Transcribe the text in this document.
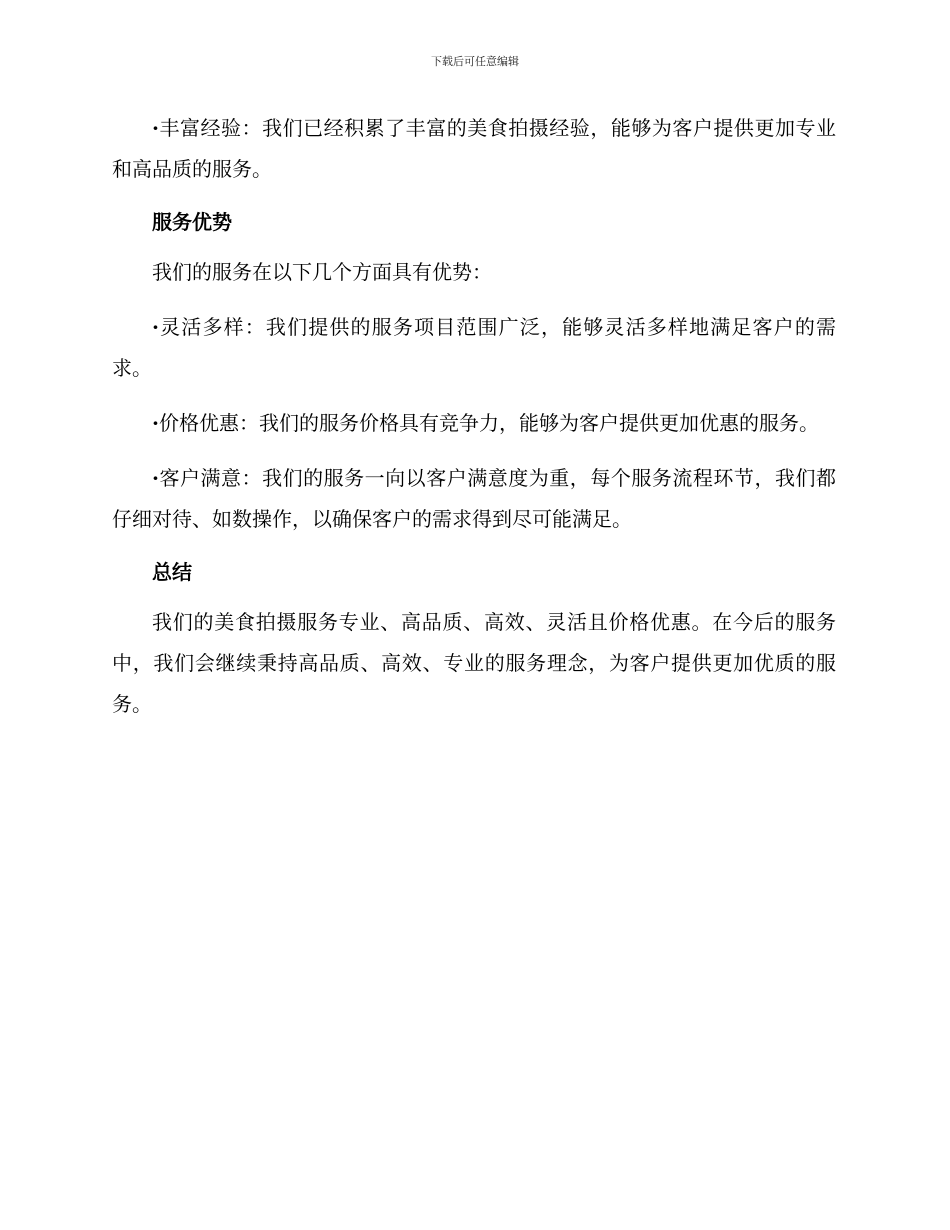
下载后可任意编辑

·丰富经验：我们已经积累了丰富的美食拍摄经验，能够为客户提供更加专业和高品质的服务。

服务优势

我们的服务在以下几个方面具有优势：

·灵活多样：我们提供的服务项目范围广泛，能够灵活多样地满足客户的需求。

·价格优惠：我们的服务价格具有竞争力，能够为客户提供更加优惠的服务。

·客户满意：我们的服务一向以客户满意度为重，每个服务流程环节，我们都仔细对待、如数操作，以确保客户的需求得到尽可能满足。

总结

我们的美食拍摄服务专业、高品质、高效、灵活且价格优惠。在今后的服务中，我们会继续秉持高品质、高效、专业的服务理念，为客户提供更加优质的服务。
